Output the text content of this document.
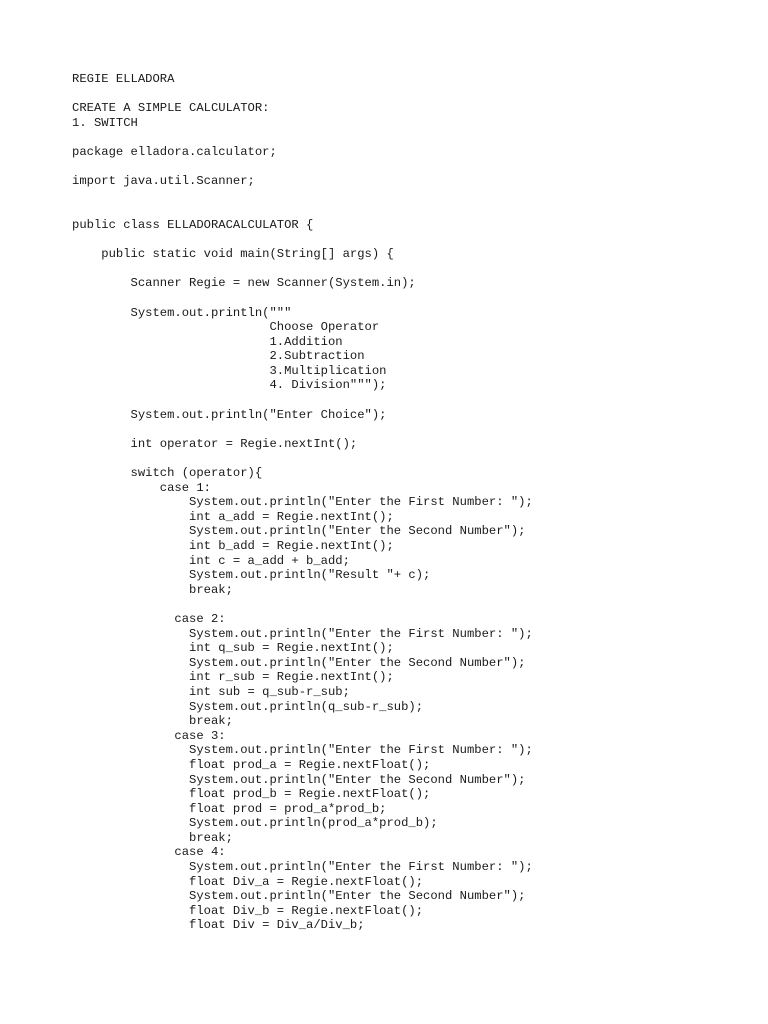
REGIE ELLADORA
CREATE A SIMPLE CALCULATOR:
1. SWITCH
package elladora.calculator;
import java.util.Scanner;
public class ELLADORACALCULATOR {
public static void main(String[] args) {
Scanner Regie = new Scanner(System.in);
System.out.println("""
Choose Operator
1.Addition
2.Subtraction
3.Multiplication
4. Division""");
System.out.println("Enter Choice");
int operator = Regie.nextInt();
switch (operator){
case 1:
System.out.println("Enter the First Number: ");
int a_add = Regie.nextInt();
System.out.println("Enter the Second Number");
int b_add = Regie.nextInt();
int c = a_add + b_add;
System.out.println("Result "+ c);
break;
case 2:
System.out.println("Enter the First Number: ");
int q_sub = Regie.nextInt();
System.out.println("Enter the Second Number");
int r_sub = Regie.nextInt();
int sub = q_sub-r_sub;
System.out.println(q_sub-r_sub);
break;
case 3:
System.out.println("Enter the First Number: ");
float prod_a = Regie.nextFloat();
System.out.println("Enter the Second Number");
float prod_b = Regie.nextFloat();
float prod = prod_a*prod_b;
System.out.println(prod_a*prod_b);
break;
case 4:
System.out.println("Enter the First Number: ");
float Div_a = Regie.nextFloat();
System.out.println("Enter the Second Number");
float Div_b = Regie.nextFloat();
float Div = Div_a/Div_b;
